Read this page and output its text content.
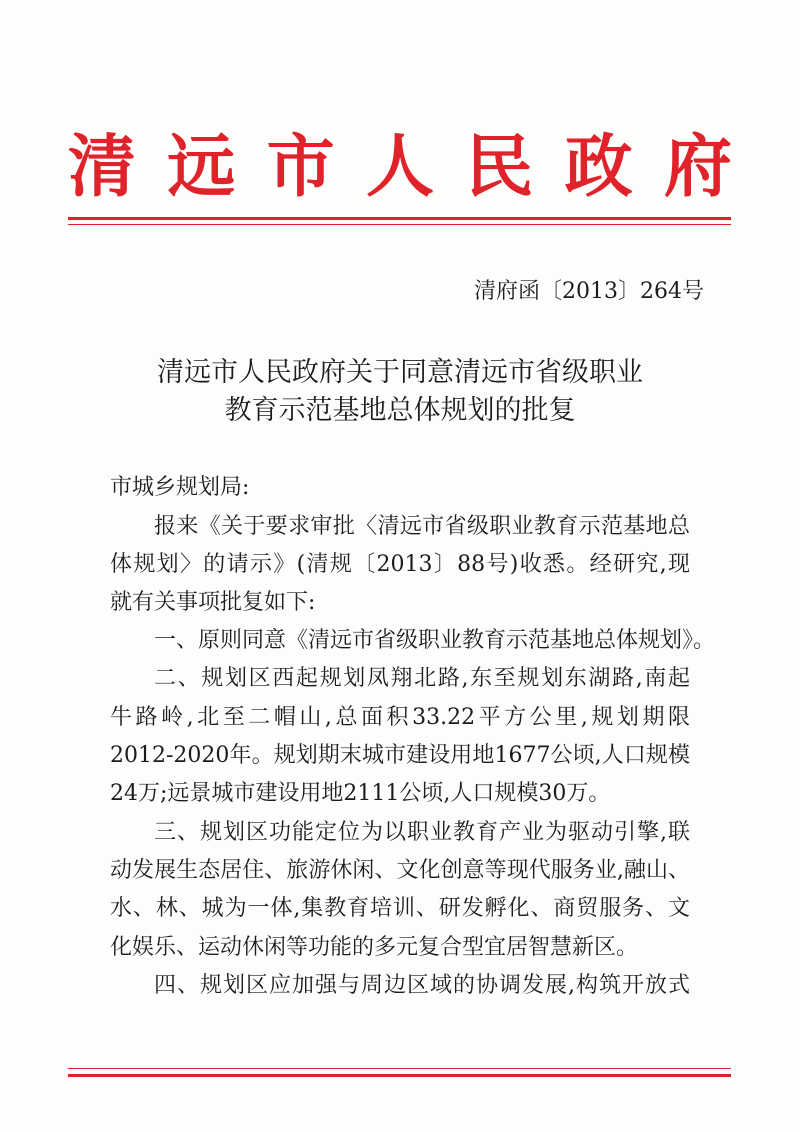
清 远 市 人 民 政 府
清府函〔2013〕264号
清远市人民政府关于同意清远市省级职业
教育示范基地总体规划的批复
市城乡规划局:
报来《关于要求审批〈清远市省级职业教育示范基地总
体规划〉的请示》(清规〔2013〕88号)收悉。经研究,现
就有关事项批复如下:
一、原则同意《清远市省级职业教育示范基地总体规划》。
二、规划区西起规划凤翔北路,东至规划东湖路,南起
牛路岭,北至二帽山,总面积33.22平方公里,规划期限
2012-2020年。规划期末城市建设用地1677公顷,人口规模
24万;远景城市建设用地2111公顷,人口规模30万。
三、规划区功能定位为以职业教育产业为驱动引擎,联
动发展生态居住、旅游休闲、文化创意等现代服务业,融山、
水、林、城为一体,集教育培训、研发孵化、商贸服务、文
化娱乐、运动休闲等功能的多元复合型宜居智慧新区。
四、规划区应加强与周边区域的协调发展,构筑开放式
